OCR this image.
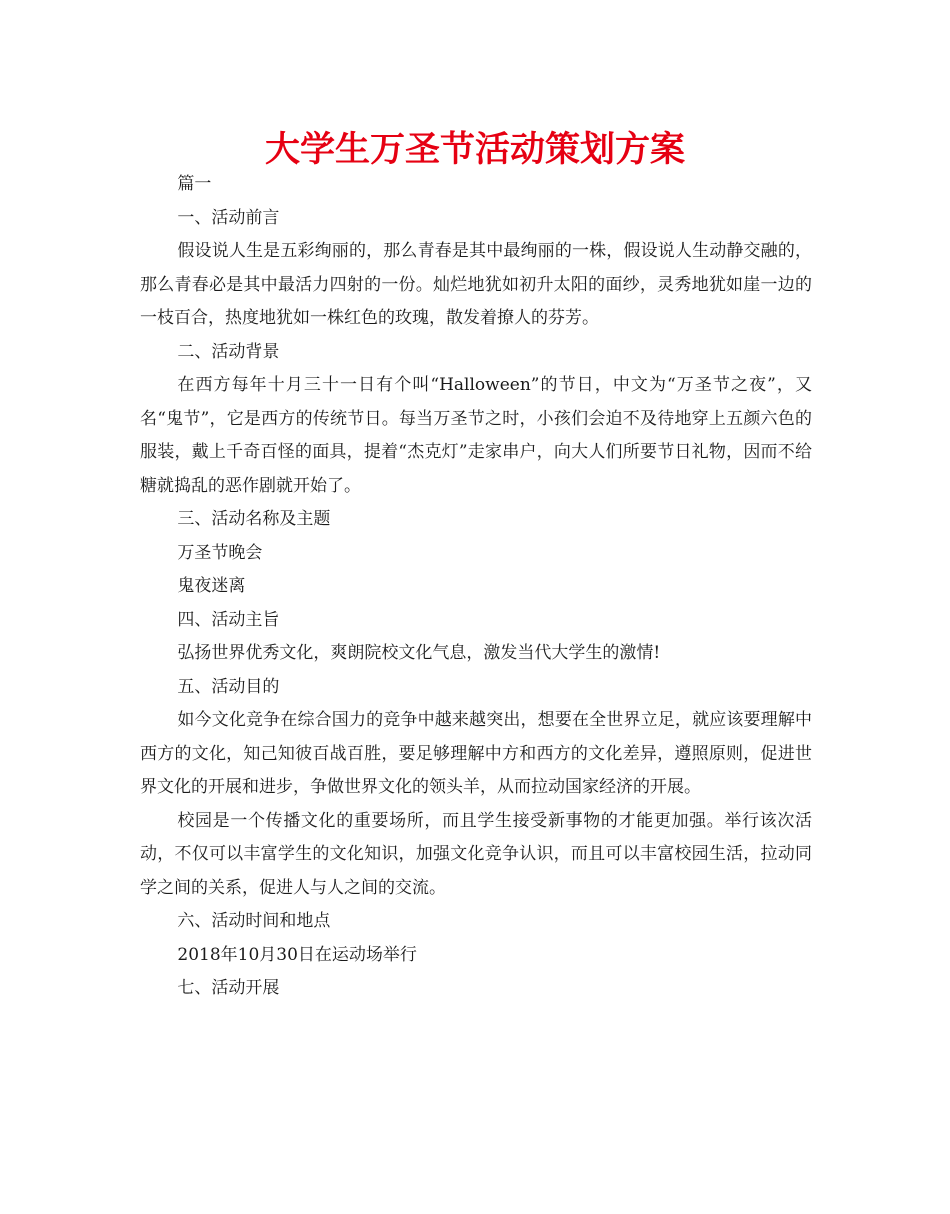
大学生万圣节活动策划方案

篇一

一、活动前言

假设说人生是五彩绚丽的，那么青春是其中最绚丽的一株，假设说人生动静交融的，那么青春必是其中最活力四射的一份。灿烂地犹如初升太阳的面纱，灵秀地犹如崖一边的一枝百合，热度地犹如一株红色的玫瑰，散发着撩人的芬芳。

二、活动背景

在西方每年十月三十一日有个叫“Halloween”的节日，中文为“万圣节之夜”，又名“鬼节”，它是西方的传统节日。每当万圣节之时，小孩们会迫不及待地穿上五颜六色的服装，戴上千奇百怪的面具，提着“杰克灯”走家串户，向大人们所要节日礼物，因而不给糖就捣乱的恶作剧就开始了。

三、活动名称及主题

万圣节晚会

鬼夜迷离

四、活动主旨

弘扬世界优秀文化，爽朗院校文化气息，激发当代大学生的激情!

五、活动目的

如今文化竞争在综合国力的竞争中越来越突出，想要在全世界立足，就应该要理解中西方的文化，知己知彼百战百胜，要足够理解中方和西方的文化差异，遵照原则，促进世界文化的开展和进步，争做世界文化的领头羊，从而拉动国家经济的开展。

校园是一个传播文化的重要场所，而且学生接受新事物的才能更加强。举行该次活动，不仅可以丰富学生的文化知识，加强文化竞争认识，而且可以丰富校园生活，拉动同学之间的关系，促进人与人之间的交流。

六、活动时间和地点

2018年10月30日在运动场举行

七、活动开展
